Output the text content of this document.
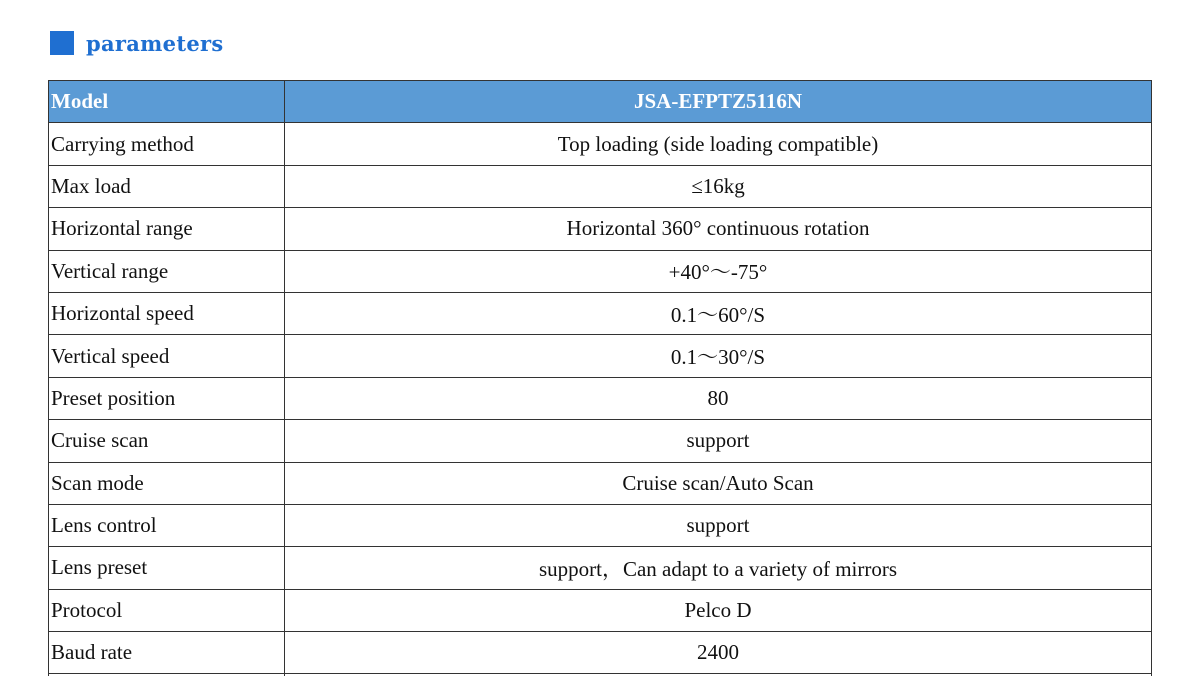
parameters
Model	JSA-EFPTZ5116N
Carrying method	Top loading (side loading compatible)
Max load	≤16kg
Horizontal range	Horizontal 360° continuous rotation
Vertical range	+40°～-75°
Horizontal speed	0.1～60°/S
Vertical speed	0.1～30°/S
Preset position	80
Cruise scan	support
Scan mode	Cruise scan/Auto Scan
Lens control	support
Lens preset	support，Can adapt to a variety of mirrors
Protocol	Pelco D
Baud rate	2400
